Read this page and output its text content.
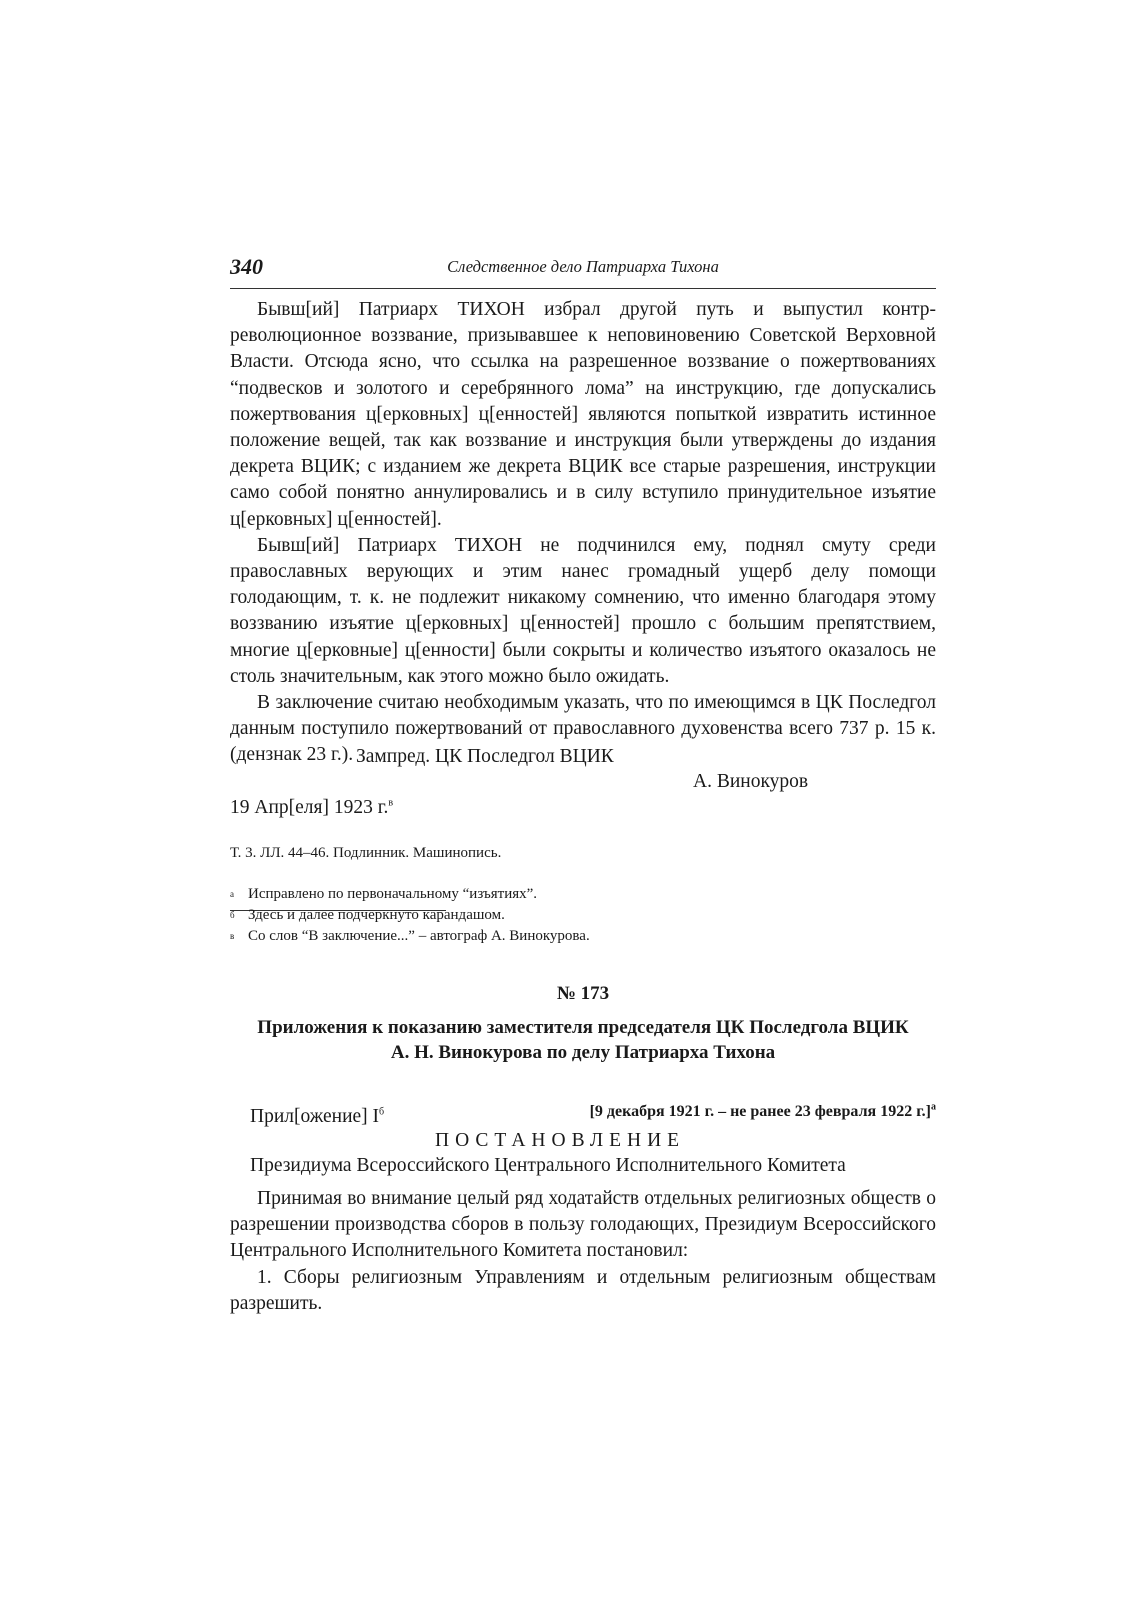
340	Следственное дело Патриарха Тихона

Бывш[ий] Патриарх ТИХОН избрал другой путь и выпустил контр-революционное воззвание, призывавшее к неповиновению Советской Верховной Власти. Отсюда ясно, что ссылка на разрешенное воззвание о пожертвованиях “подвесков и золотого и серебрянного лома” на инструкцию, где допускались пожертвования ц[ерковных] ц[енностей] являются попыткой извратить истинное положение вещей, так как воззвание и инструкция были утверждены до издания декрета ВЦИК; с изданием же декрета ВЦИК все старые разрешения, инструкции само собой понятно аннулировались и в силу вступило принудительное изъятие ц[ерковных] ц[енностей].

Бывш[ий] Патриарх ТИХОН не подчинился ему, поднял смуту среди православных верующих и этим нанес громадный ущерб делу помощи голодающим, т. к. не подлежит никакому сомнению, что именно благодаря этому воззванию изъятие ц[ерковных] ц[енностей] прошло с большим препятствием, многие ц[ерковные] ц[енности] были сокрыты и количество изъятого оказалось не столь значительным, как этого можно было ожидать.

В заключение считаю необходимым указать, что по имеющимся в ЦК Последгол данным поступило пожертвований от православного духовенства всего 737 р. 15 к. (дензнак 23 г.). Зампред. ЦК Последгол ВЦИК
А. Винокуров
19 Апр[еля] 1923 г.$^в$
Т. 3. ЛЛ. 44–46. Подлинник. Машинопись.
а Исправлено по первоначальному “изъятиях”.
б Здесь и далее подчеркнуто карандашом.
в Со слов “В заключение...” – автограф А. Винокурова.
№ 173
Приложения к показанию заместителя председателя ЦК Последгола ВЦИК
А. Н. Винокурова по делу Патриарха Тихона
[9 декабря 1921 г. – не ранее 23 февраля 1922 г.]$^а$
Прил[ожение] $I^б$
ПОСТАНОВЛЕНИЕ
Президиума Всероссийского Центрального Исполнительного Комитета

Принимая во внимание целый ряд ходатайств отдельных религиозных обществ о разрешении производства сборов в пользу голодающих, Президиум Всероссийского Центрального Исполнительного Комитета постановил:

1. Сборы религиозным Управлениям и отдельным религиозным обществам разрешить.
